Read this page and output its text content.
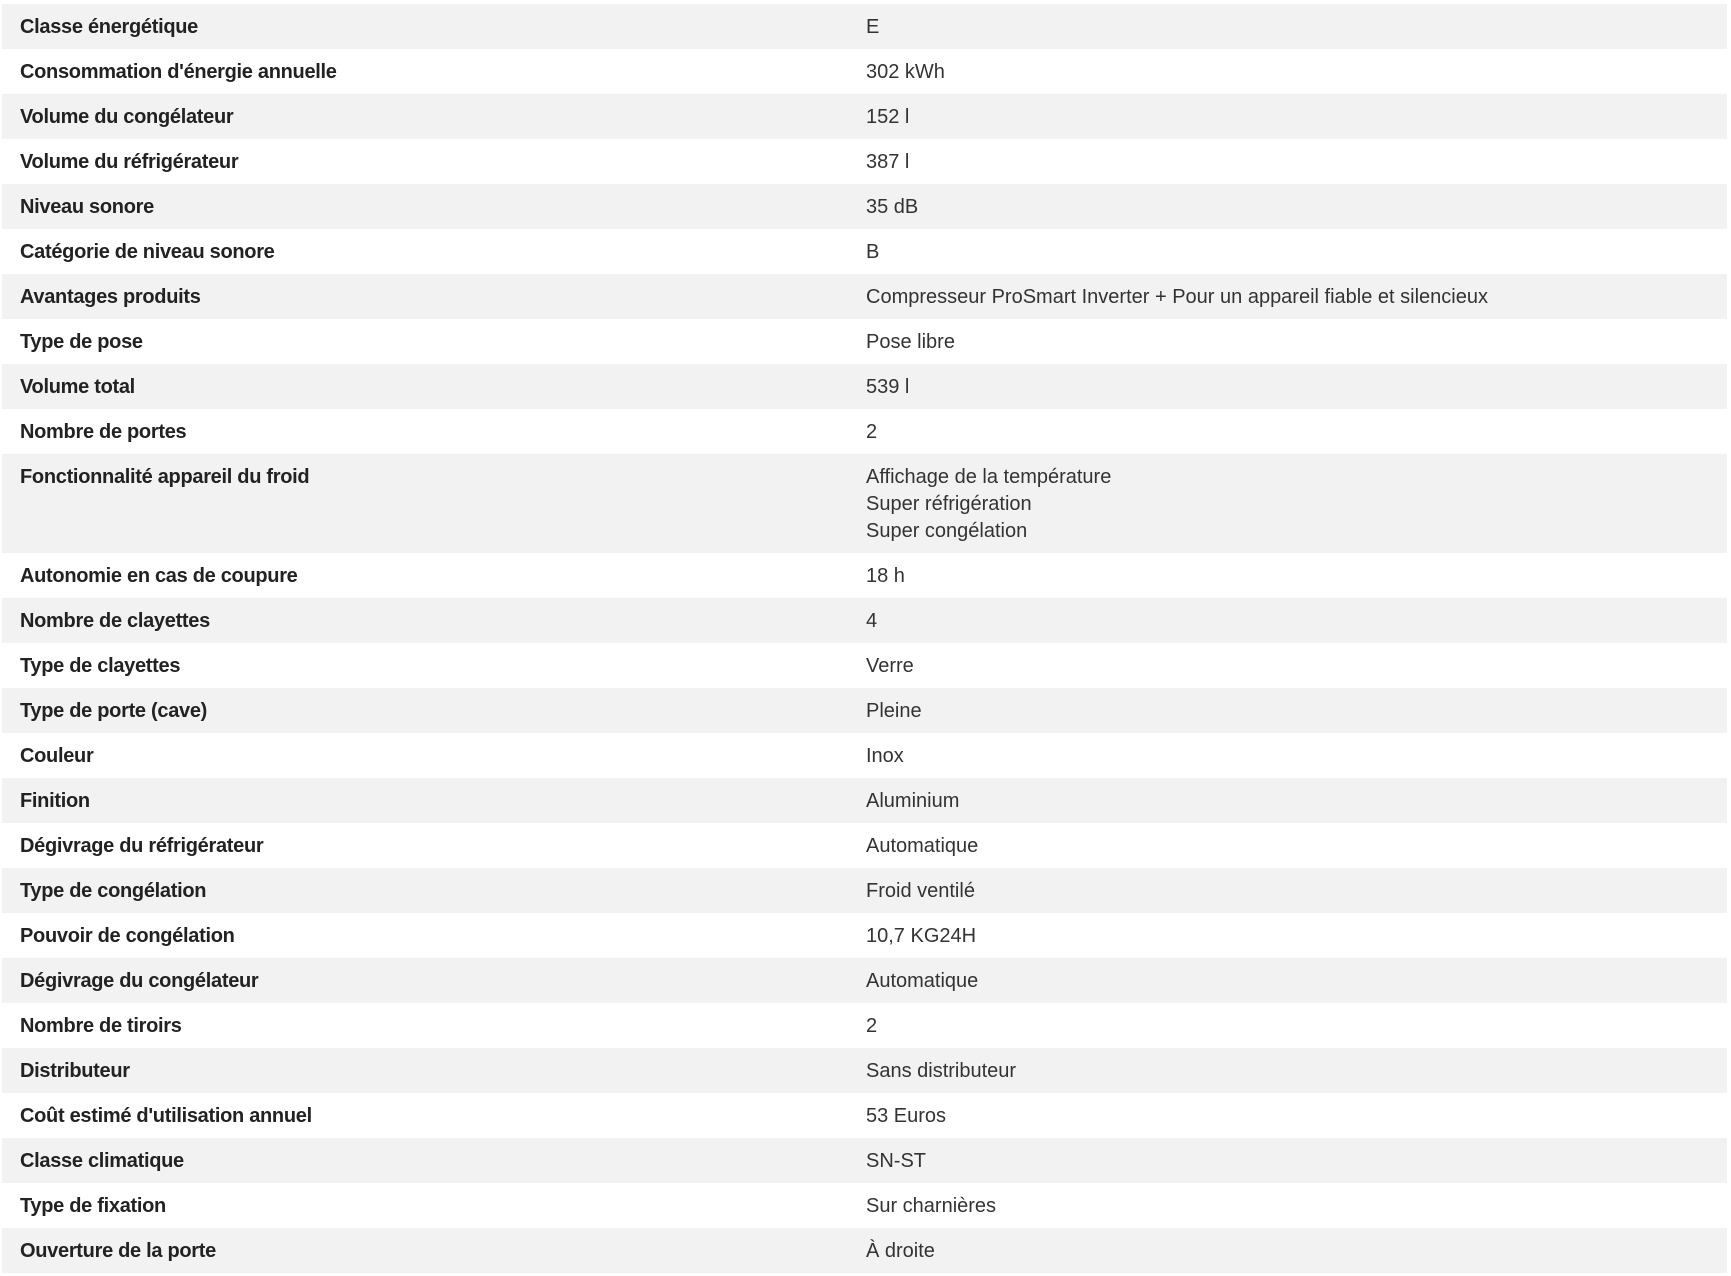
Classe énergétique	E

Consommation d'énergie annuelle	302 kWh

Volume du congélateur	152 l

Volume du réfrigérateur	387 l

Niveau sonore	35 dB

Catégorie de niveau sonore	B

Avantages produits	Compresseur ProSmart Inverter + Pour un appareil fiable et silencieux

Type de pose	Pose libre

Volume total	539 l

Nombre de portes	2

Fonctionnalité appareil du froid	Affichage de la température
Super réfrigération
Super congélation

Autonomie en cas de coupure	18 h

Nombre de clayettes	4

Type de clayettes	Verre

Type de porte (cave)	Pleine

Couleur	Inox

Finition	Aluminium

Dégivrage du réfrigérateur	Automatique

Type de congélation	Froid ventilé

Pouvoir de congélation	10,7 KG24H

Dégivrage du congélateur	Automatique

Nombre de tiroirs	2

Distributeur	Sans distributeur

Coût estimé d'utilisation annuel	53 Euros

Classe climatique	SN-ST

Type de fixation	Sur charnières

Ouverture de la porte	À droite
